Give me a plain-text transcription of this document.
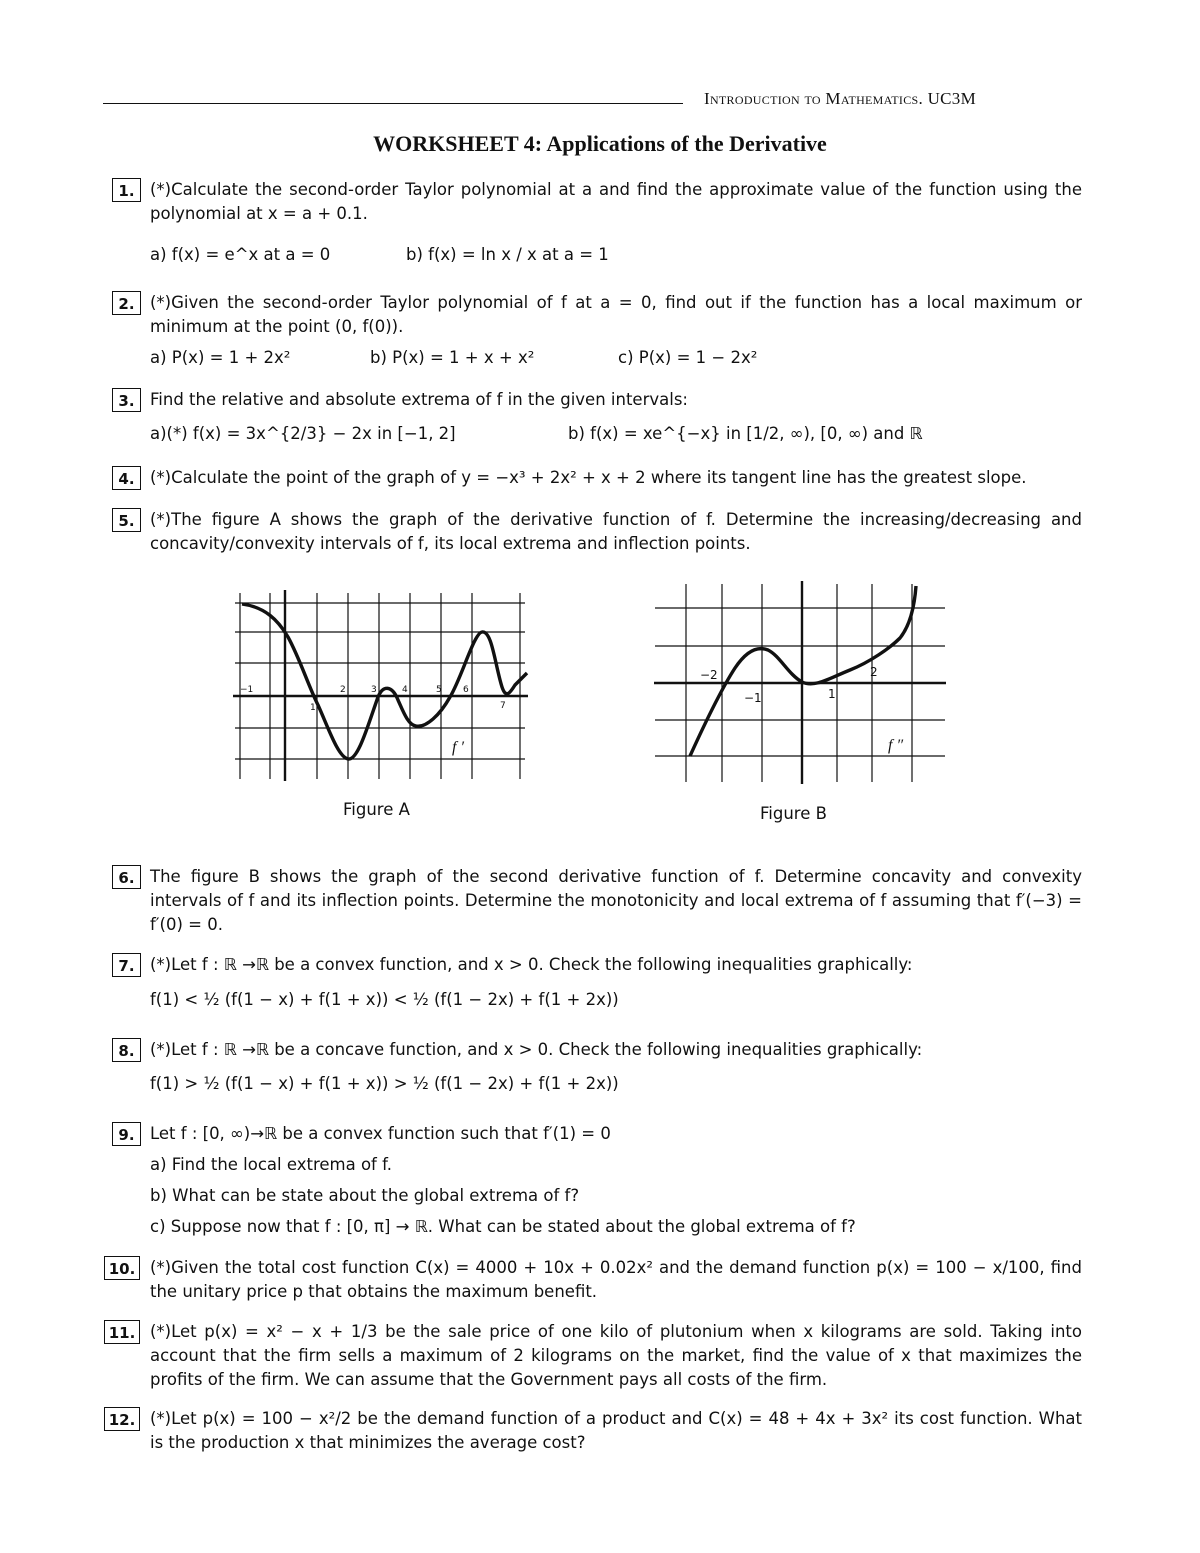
Introduction to Mathematics. UC3M
WORKSHEET 4: Applications of the Derivative
1. (*)Calculate the second-order Taylor polynomial at a and find the approximate value of the function using the polynomial at x = a + 0.1.
a) f(x) = e^x at a = 0	b) f(x) = ln x / x at a = 1
2. (*)Given the second-order Taylor polynomial of f at a = 0, find out if the function has a local maximum or minimum at the point (0, f(0)).
a) P(x) = 1 + 2x²	b) P(x) = 1 + x + x²	c) P(x) = 1 − 2x²
3. Find the relative and absolute extrema of f in the given intervals:
a)(*) f(x) = 3x^{2/3} − 2x in [−1, 2]	b) f(x) = xe^{−x} in [1/2, ∞), [0, ∞) and ℝ
4. (*)Calculate the point of the graph of y = −x³ + 2x² + x + 2 where its tangent line has the greatest slope.
5. (*)The figure A shows the graph of the derivative function of f. Determine the increasing/decreasing and concavity/convexity intervals of f, its local extrema and inflection points.
−1
1
2	3	4	5 6
7
f ′
Figure A
−2
−1	1
2
f ″
Figure B
6. The figure B shows the graph of the second derivative function of f. Determine concavity and convexity intervals of f and its inflection points. Determine the monotonicity and local extrema of f assuming that f′(−3) = f′(0) = 0.
7. (*)Let f : ℝ →ℝ be a convex function, and x > 0. Check the following inequalities graphically:
f(1) < ½ (f(1 − x) + f(1 + x)) < ½ (f(1 − 2x) + f(1 + 2x))
8. (*)Let f : ℝ →ℝ be a concave function, and x > 0. Check the following inequalities graphically:
f(1) > ½ (f(1 − x) + f(1 + x)) > ½ (f(1 − 2x) + f(1 + 2x))
9. Let f : [0, ∞)→ℝ be a convex function such that f′(1) = 0
a) Find the local extrema of f.
b) What can be state about the global extrema of f?
c) Suppose now that f : [0, π] → ℝ. What can be stated about the global extrema of f?
10. (*)Given the total cost function C(x) = 4000 + 10x + 0.02x² and the demand function p(x) = 100 − x/100, find the unitary price p that obtains the maximum benefit.
11. (*)Let p(x) = x² − x + 1/3 be the sale price of one kilo of plutonium when x kilograms are sold. Taking into account that the firm sells a maximum of 2 kilograms on the market, find the value of x that maximizes the profits of the firm. We can assume that the Government pays all costs of the firm.
12. (*)Let p(x) = 100 − x²/2 be the demand function of a product and C(x) = 48 + 4x + 3x² its cost function. What is the production x that minimizes the average cost?
